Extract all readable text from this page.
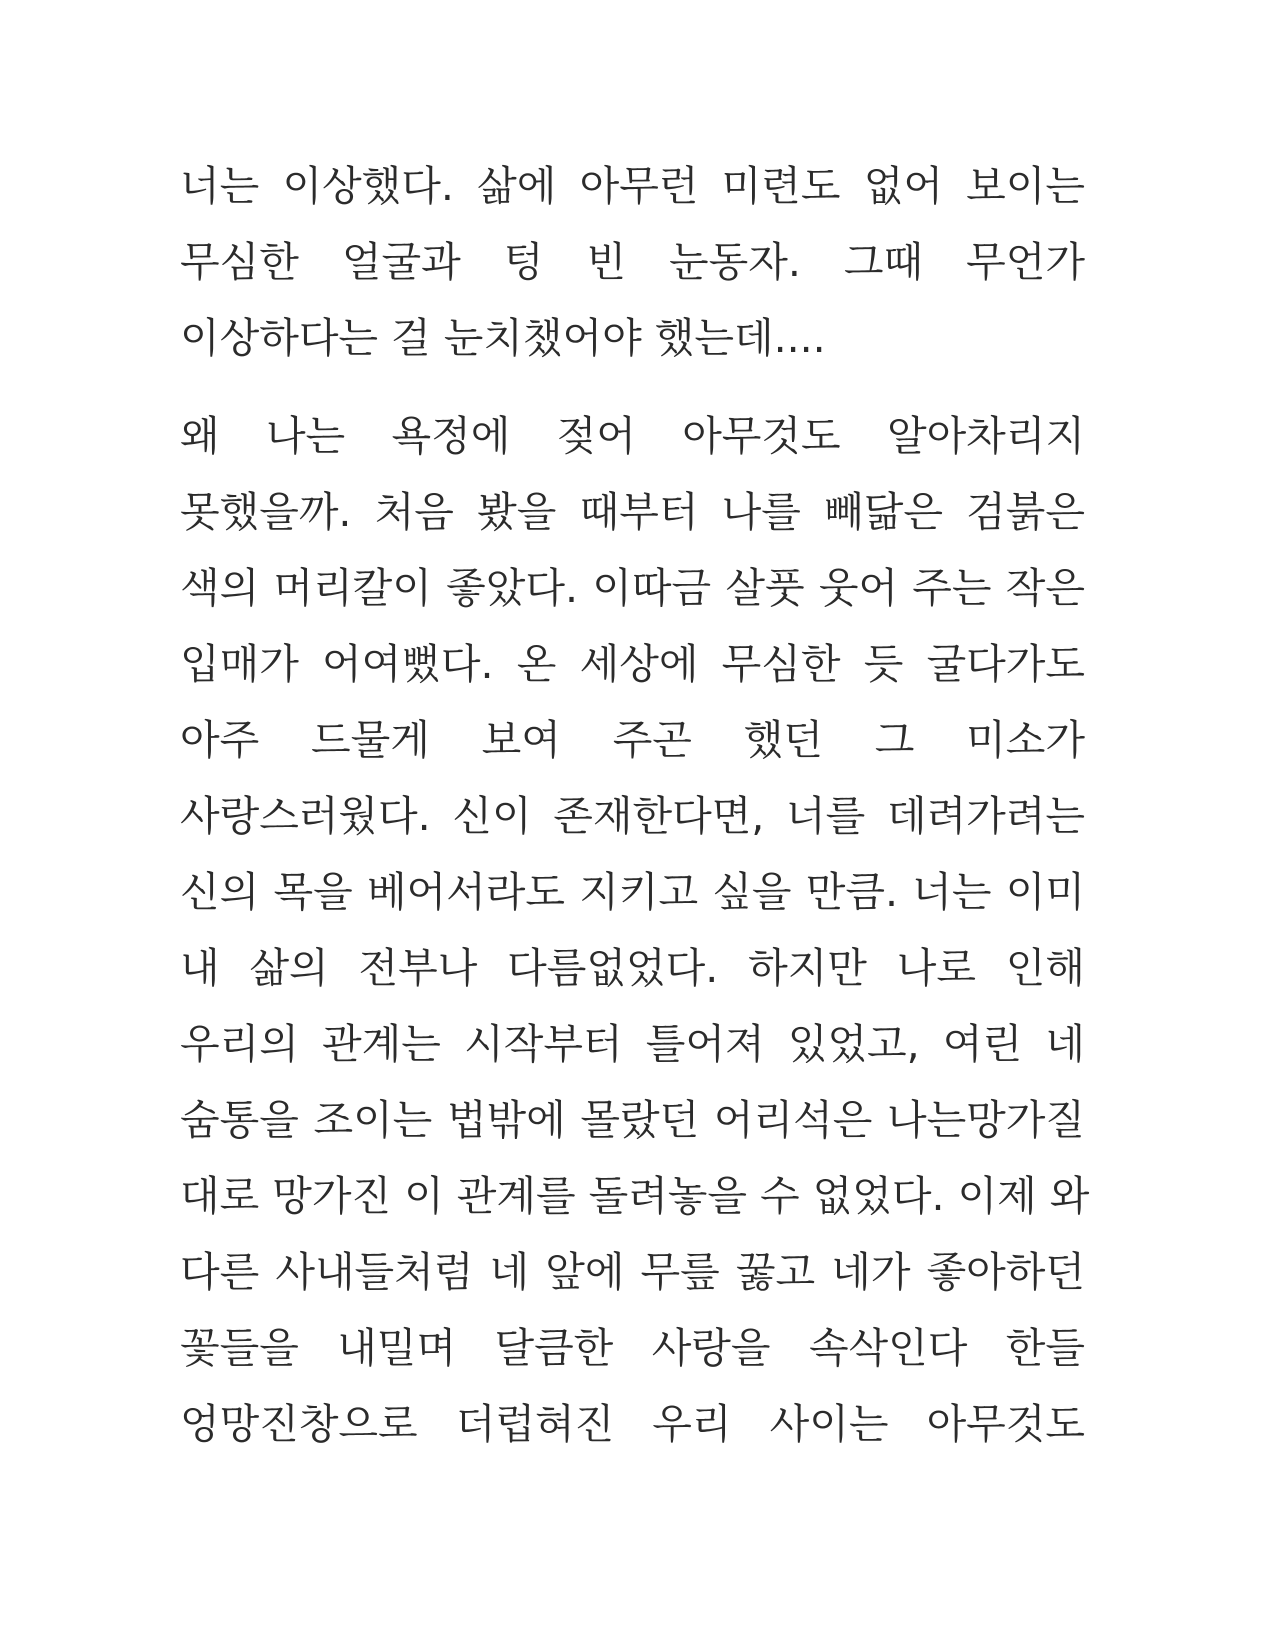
너는 이상했다. 삶에 아무런 미련도 없어 보이는
무심한 얼굴과 텅 빈 눈동자. 그때 무언가
이상하다는 걸 눈치챘어야 했는데....
왜 나는 욕정에 젖어 아무것도 알아차리지
못했을까. 처음 봤을 때부터 나를 빼닮은 검붉은
색의 머리칼이 좋았다. 이따금 살풋 웃어 주는 작은
입매가 어여뻤다. 온 세상에 무심한 듯 굴다가도
아주 드물게 보여 주곤 했던 그 미소가
사랑스러웠다. 신이 존재한다면, 너를 데려가려는
신의 목을 베어서라도 지키고 싶을 만큼. 너는 이미
내 삶의 전부나 다름없었다. 하지만 나로 인해
우리의 관계는 시작부터 틀어져 있었고, 여린 네
숨통을 조이는 법밖에 몰랐던 어리석은 나는망가질
대로 망가진 이 관계를 돌려놓을 수 없었다. 이제 와
다른 사내들처럼 네 앞에 무릎 꿇고 네가 좋아하던
꽃들을 내밀며 달큼한 사랑을 속삭인다 한들
엉망진창으로 더럽혀진 우리 사이는 아무것도
